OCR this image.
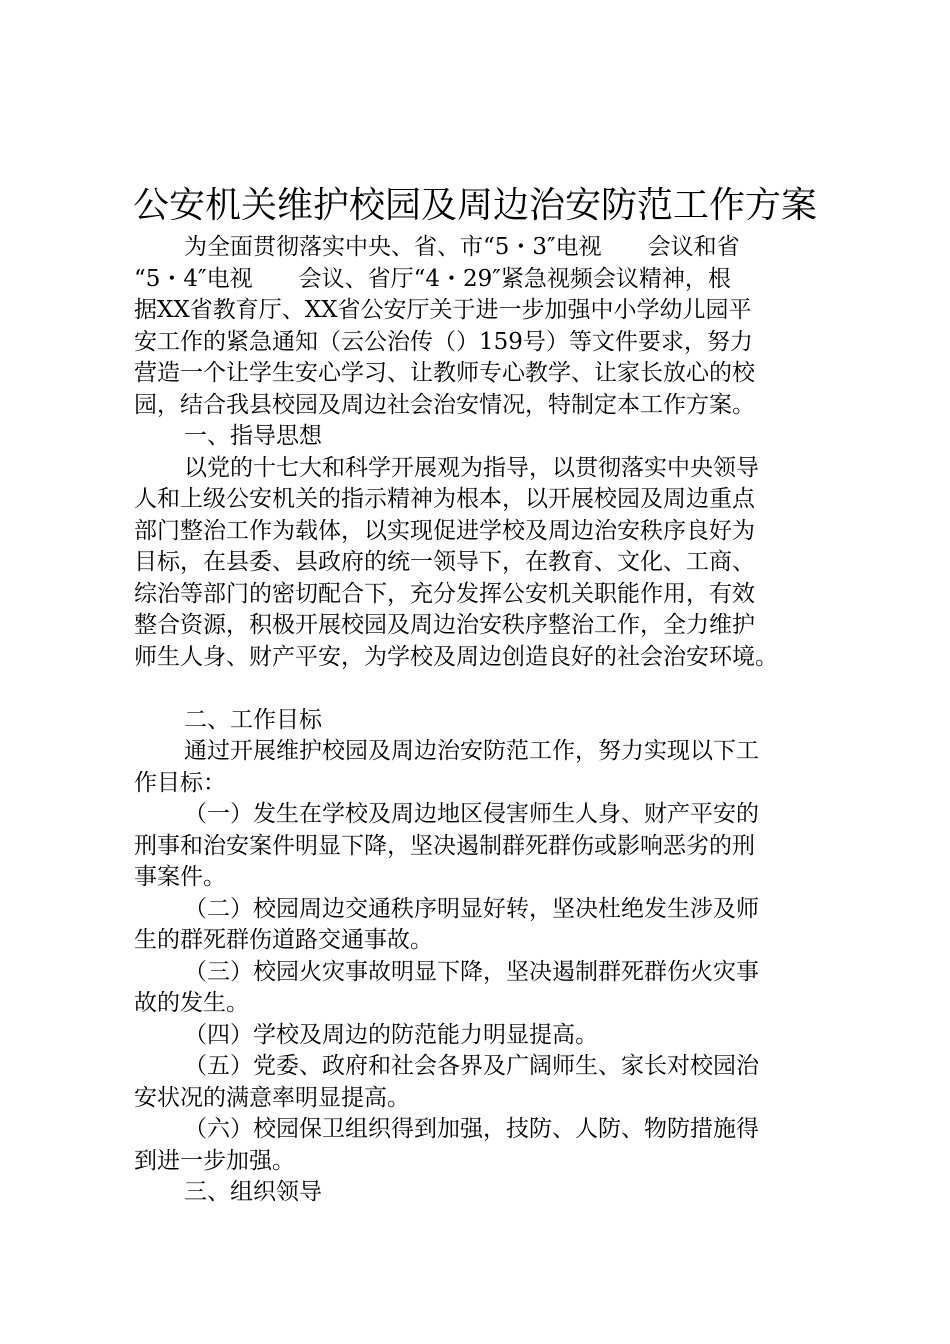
公安机关维护校园及周边治安防范工作方案
为全面贯彻落实中央、省、市“5・3″电视　　会议和省
“5・4″电视　　会议、省厅“4・29″紧急视频会议精神，根
据XX省教育厅、XX省公安厅关于进一步加强中小学幼儿园平
安工作的紧急通知（云公治传（）159号）等文件要求，努力
营造一个让学生安心学习、让教师专心教学、让家长放心的校
园，结合我县校园及周边社会治安情况，特制定本工作方案。
一、指导思想
以党的十七大和科学开展观为指导，以贯彻落实中央领导
人和上级公安机关的指示精神为根本，以开展校园及周边重点
部门整治工作为载体，以实现促进学校及周边治安秩序良好为
目标，在县委、县政府的统一领导下，在教育、文化、工商、
综治等部门的密切配合下，充分发挥公安机关职能作用，有效
整合资源，积极开展校园及周边治安秩序整治工作，全力维护
师生人身、财产平安，为学校及周边创造良好的社会治安环境。
二、工作目标
通过开展维护校园及周边治安防范工作，努力实现以下工
作目标：
（一）发生在学校及周边地区侵害师生人身、财产平安的
刑事和治安案件明显下降，坚决遏制群死群伤或影响恶劣的刑
事案件。
（二）校园周边交通秩序明显好转，坚决杜绝发生涉及师
生的群死群伤道路交通事故。
（三）校园火灾事故明显下降，坚决遏制群死群伤火灾事
故的发生。
（四）学校及周边的防范能力明显提高。
（五）党委、政府和社会各界及广阔师生、家长对校园治
安状况的满意率明显提高。
（六）校园保卫组织得到加强，技防、人防、物防措施得
到进一步加强。
三、组织领导
